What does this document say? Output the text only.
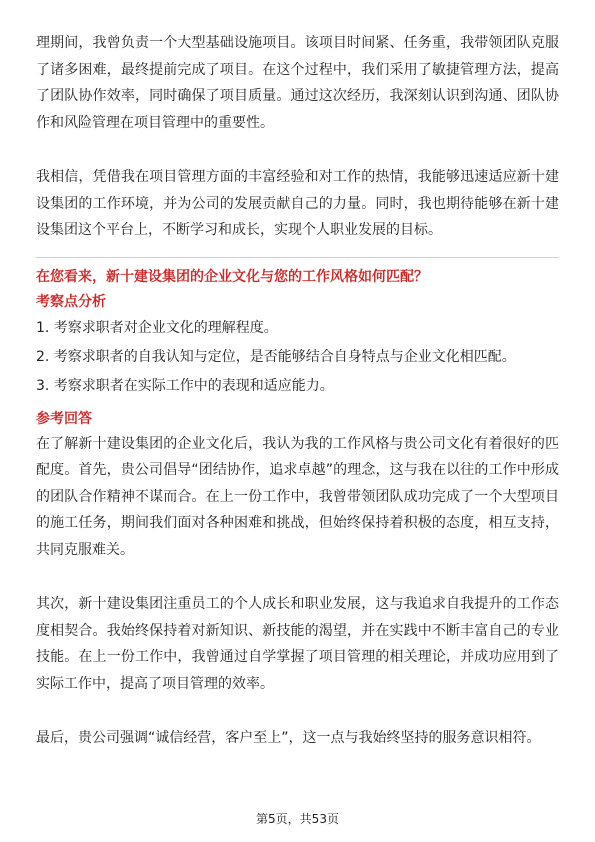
理期间，我曾负责一个大型基础设施项目。该项目时间紧、任务重，我带领团队克服了诸多困难，最终提前完成了项目。在这个过程中，我们采用了敏捷管理方法，提高了团队协作效率，同时确保了项目质量。通过这次经历，我深刻认识到沟通、团队协作和风险管理在项目管理中的重要性。

我相信，凭借我在项目管理方面的丰富经验和对工作的热情，我能够迅速适应新十建设集团的工作环境，并为公司的发展贡献自己的力量。同时，我也期待能够在新十建设集团这个平台上，不断学习和成长，实现个人职业发展的目标。

在您看来，新十建设集团的企业文化与您的工作风格如何匹配？

考察点分析

1. 考察求职者对企业文化的理解程度。
2. 考察求职者的自我认知与定位，是否能够结合自身特点与企业文化相匹配。
3. 考察求职者在实际工作中的表现和适应能力。

参考回答

在了解新十建设集团的企业文化后，我认为我的工作风格与贵公司文化有着很好的匹配度。首先，贵公司倡导“团结协作，追求卓越”的理念，这与我在以往的工作中形成的团队合作精神不谋而合。在上一份工作中，我曾带领团队成功完成了一个大型项目的施工任务，期间我们面对各种困难和挑战，但始终保持着积极的态度，相互支持，共同克服难关。

其次，新十建设集团注重员工的个人成长和职业发展，这与我追求自我提升的工作态度相契合。我始终保持着对新知识、新技能的渴望，并在实践中不断丰富自己的专业技能。在上一份工作中，我曾通过自学掌握了项目管理的相关理论，并成功应用到了实际工作中，提高了项目管理的效率。

最后，贵公司强调“诚信经营，客户至上”，这一点与我始终坚持的服务意识相符。

第5页，共53页
